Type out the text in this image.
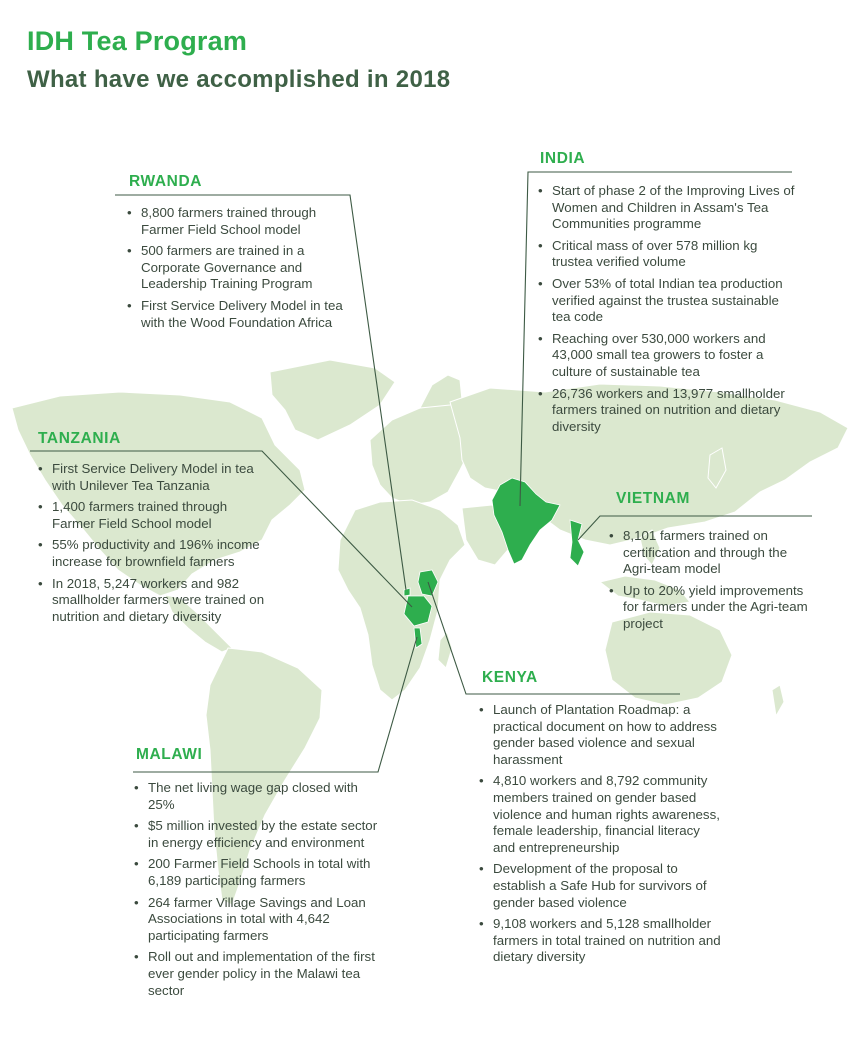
IDH Tea Program
What have we accomplished in 2018
RWANDA
• 8,800 farmers trained through Farmer Field School model
• 500 farmers are trained in a Corporate Governance and Leadership Training Program
• First Service Delivery Model in tea with the Wood Foundation Africa
INDIA
• Start of phase 2 of the Improving Lives of Women and Children in Assam's Tea Communities programme
• Critical mass of over 578 million kg trustea verified volume
• Over 53% of total Indian tea production verified against the trustea sustainable tea code
• Reaching over 530,000 workers and 43,000 small tea growers to foster a culture of sustainable tea
• 26,736 workers and 13,977 smallholder farmers trained on nutrition and dietary diversity
TANZANIA
• First Service Delivery Model in tea with Unilever Tea Tanzania
• 1,400 farmers trained through Farmer Field School model
• 55% productivity and 196% income increase for brownfield farmers
• In 2018, 5,247 workers and 982 smallholder farmers were trained on nutrition and dietary diversity
VIETNAM
• 8,101 farmers trained on certification and through the Agri-team model
• Up to 20% yield improvements for farmers under the Agri-team project
KENYA
• Launch of Plantation Roadmap: a practical document on how to address gender based violence and sexual harassment
• 4,810 workers and 8,792 community members trained on gender based violence and human rights awareness, female leadership, financial literacy and entrepreneurship
• Development of the proposal to establish a Safe Hub for survivors of gender based violence
• 9,108 workers and 5,128 smallholder farmers in total trained on nutrition and dietary diversity
MALAWI
• The net living wage gap closed with 25%
• $5 million invested by the estate sector in energy efficiency and environment
• 200 Farmer Field Schools in total with 6,189 participating farmers
• 264 farmer Village Savings and Loan Associations in total with 4,642 participating farmers
• Roll out and implementation of the first ever gender policy in the Malawi tea sector
